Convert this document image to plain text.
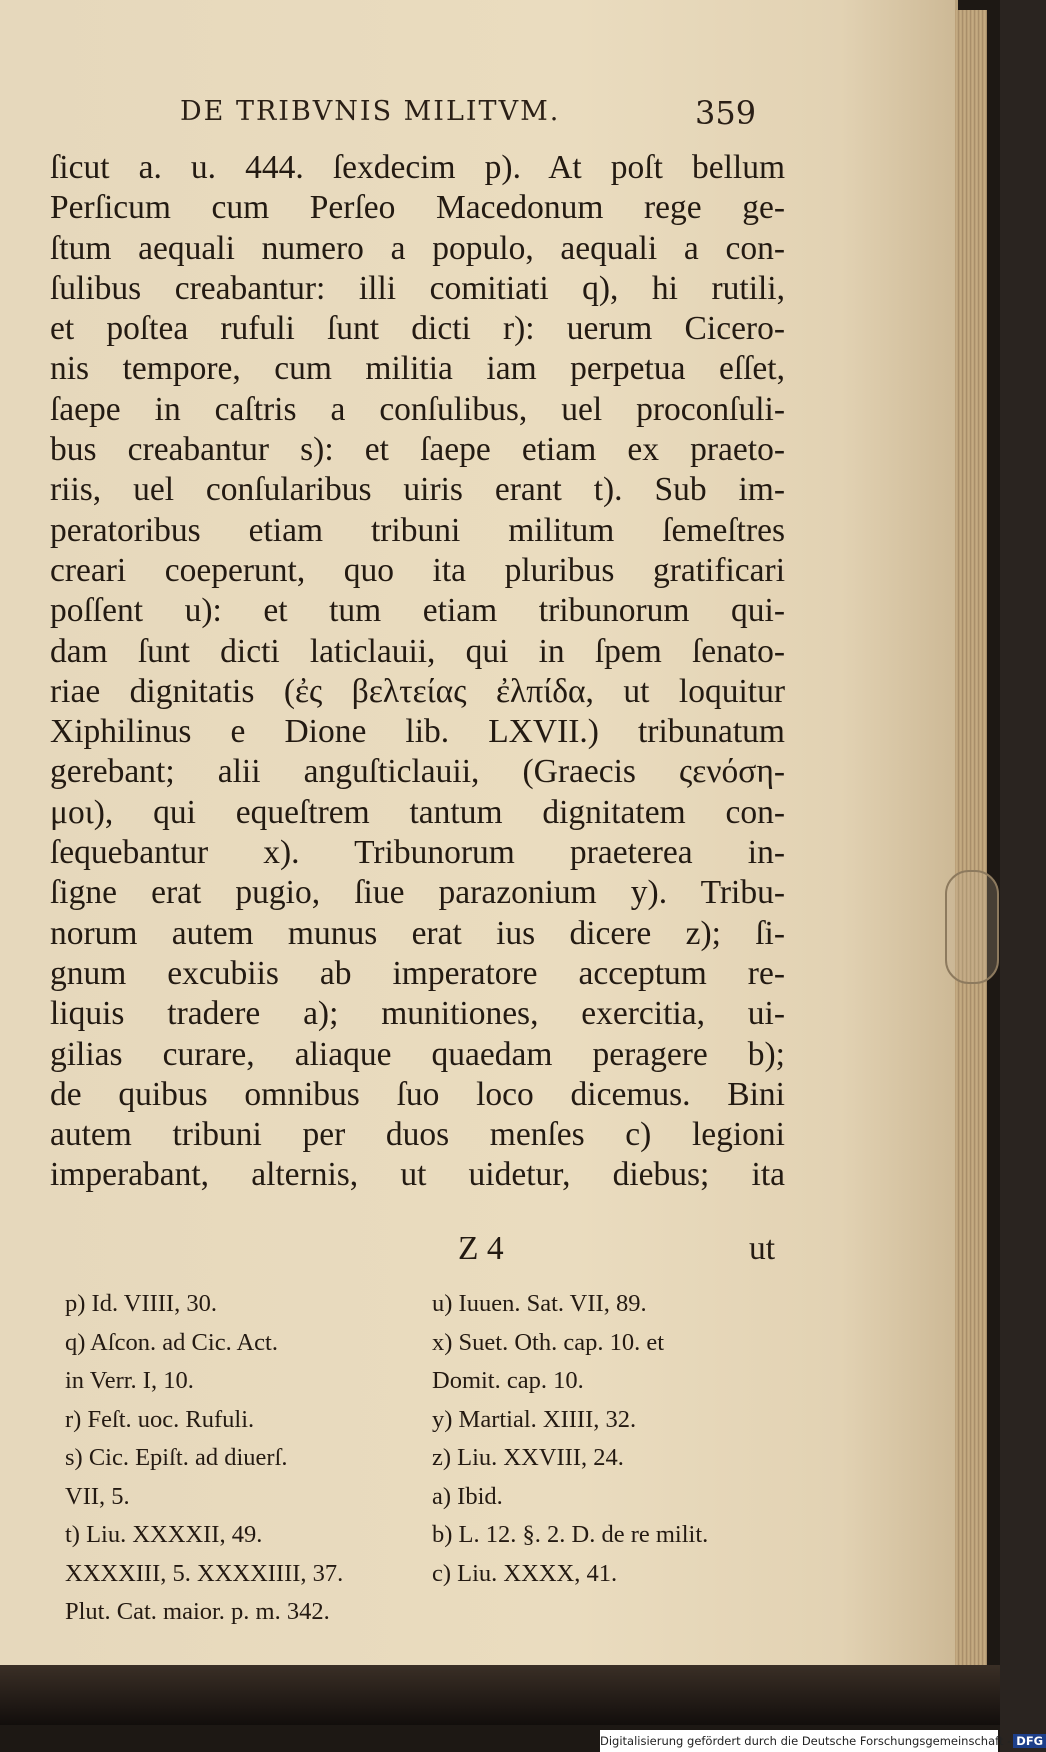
DE TRIBVNIS MILITVM.	359
ſicut a. u. 444. ſexdecim p). At poſt bellum
Perſicum cum Perſeo Macedonum rege ge-
ſtum aequali numero a populo, aequali a con-
ſulibus creabantur: illi comitiati q), hi rutili,
et poſtea rufuli ſunt dicti r): uerum Cicero-
nis tempore, cum militia iam perpetua eſſet,
ſaepe in caſtris a conſulibus, uel proconſuli-
bus creabantur s): et ſaepe etiam ex praeto-
riis, uel conſularibus uiris erant t). Sub im-
peratoribus etiam tribuni militum ſemeſtres
creari coeperunt, quo ita pluribus gratificari
poſſent u): et tum etiam tribunorum qui-
dam ſunt dicti laticlauii, qui in ſpem ſenato-
riae dignitatis (ἐς βελτείας ἐλπίδα, ut loquitur
Xiphilinus e Dione lib. LXVII.) tribunatum
gerebant; alii anguſticlauii, (Graecis ςενόση-
μοι), qui equeſtrem tantum dignitatem con-
ſequebantur x). Tribunorum praeterea in-
ſigne erat pugio, ſiue parazonium y). Tribu-
norum autem munus erat ius dicere z); ſi-
gnum excubiis ab imperatore acceptum re-
liquis tradere a); munitiones, exercitia, ui-
gilias curare, aliaque quaedam peragere b);
de quibus omnibus ſuo loco dicemus. Bini
autem tribuni per duos menſes c) legioni
imperabant, alternis, ut uidetur, diebus; ita
Z 4	ut
p) Id. VIIII, 30.
q) Aſcon. ad Cic. Act.
in Verr. I, 10.
r) Feſt. uoc. Rufuli.
s) Cic. Epiſt. ad diuerſ.
VII, 5.
t) Liu. XXXXII, 49.
XXXXIII, 5. XXXXIIII, 37.
Plut. Cat. maior. p. m. 342.
u) Iuuen. Sat. VII, 89.
x) Suet. Oth. cap. 10. et
Domit. cap. 10.
y) Martial. XIIII, 32.
z) Liu. XXVIII, 24.
a) Ibid.
b) L. 12. §. 2. D. de re milit.
c) Liu. XXXX, 41.
Digitalisierung gefördert durch die Deutsche Forschungsgemeinschaft - DFG
